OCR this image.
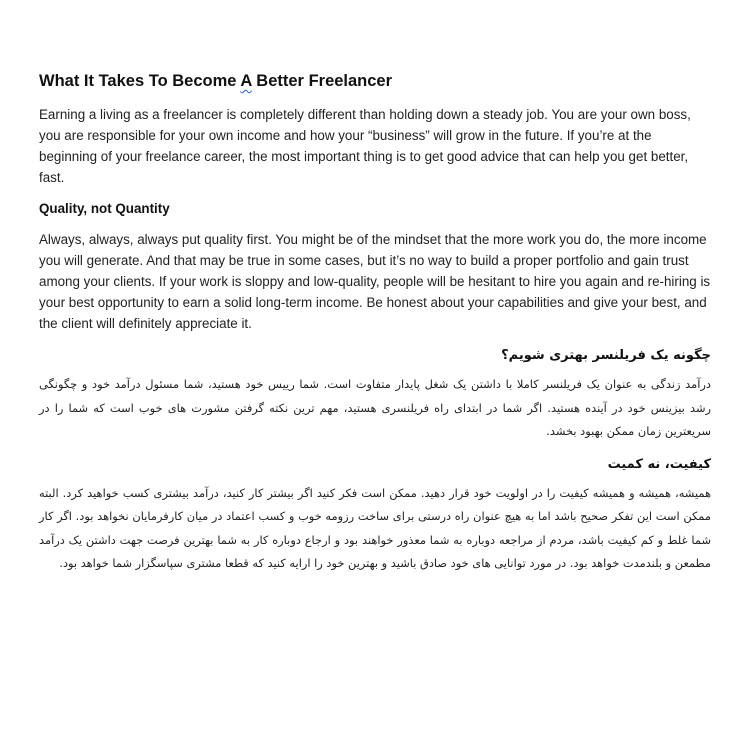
What It Takes To Become A Better Freelancer

Earning a living as a freelancer is completely different than holding down a steady job. You are your own boss, you are responsible for your own income and how your “business” will grow in the future. If you’re at the beginning of your freelance career, the most important thing is to get good advice that can help you get better, fast.

Quality, not Quantity

Always, always, always put quality first. You might be of the mindset that the more work you do, the more income you will generate. And that may be true in some cases, but it’s no way to build a proper portfolio and gain trust among your clients. If your work is sloppy and low-quality, people will be hesitant to hire you again and re-hiring is your best opportunity to earn a solid long-term income. Be honest about your capabilities and give your best, and the client will definitely appreciate it.

چگونه یک فریلنسر بهتری شویم؟

درآمد زندگی به عنوان یک فریلنسر کاملا با داشتن یک شغل پایدار متفاوت است. شما رییس خود هستید، شما مسئول درآمد خود و چگونگی رشد بیزینس خود در آینده هستید. اگر شما در ابتدای راه فریلنسری هستید، مهم ترین نکته گرفتن مشورت های خوب است که شما را در سریعترین زمان ممکن بهبود بخشد.

کیفیت، نه کمیت

همیشه، همیشه و همیشه کیفیت را در اولویت خود قرار دهید. ممکن است فکر کنید اگر بیشتر کار کنید، درآمد بیشتری کسب خواهید کرد. البته ممکن است این تفکر صحیح باشد اما به هیچ عنوان راه درستی برای ساخت رزومه خوب و کسب اعتماد در میان کارفرمایان نخواهد بود. اگر کار شما غلط و کم کیفیت باشد، مردم از مراجعه دوباره به شما معذور خواهند بود و ارجاع دوباره کار به شما بهترین فرصت جهت داشتن یک درآمد مطمعن و بلندمدت خواهد بود. در مورد توانایی های خود صادق باشید و بهترین خود را ارایه کنید که قطعا مشتری سپاسگزار شما خواهد بود.
